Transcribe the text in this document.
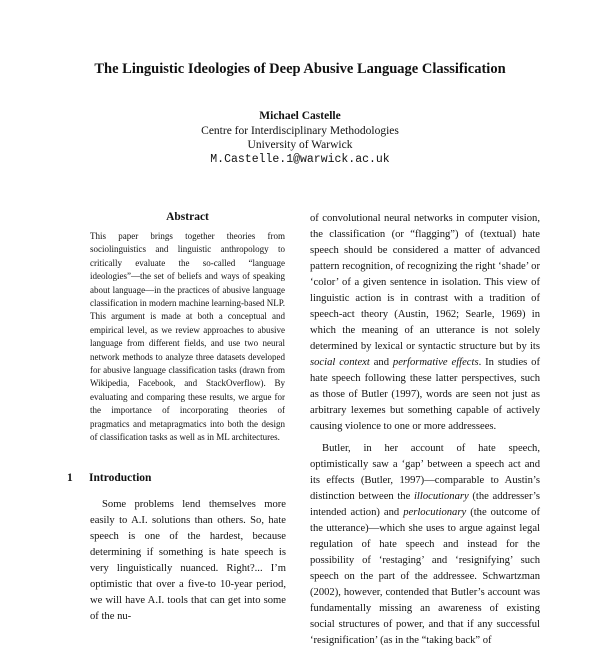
The Linguistic Ideologies of Deep Abusive Language Classification
Michael Castelle
Centre for Interdisciplinary Methodologies
University of Warwick
M.Castelle.1@warwick.ac.uk
Abstract
This paper brings together theories from sociolinguistics and linguistic anthropology to critically evaluate the so-called “language ideologies”—the set of beliefs and ways of speaking about language—in the practices of abusive language classification in modern machine learning-based NLP. This argument is made at both a conceptual and empirical level, as we review approaches to abusive language from different fields, and use two neural network methods to analyze three datasets developed for abusive language classification tasks (drawn from Wikipedia, Facebook, and StackOverflow). By evaluating and comparing these results, we argue for the importance of incorporating theories of pragmatics and metapragmatics into both the design of classification tasks as well as in ML architectures.
1 Introduction
Some problems lend themselves more easily to A.I. solutions than others. So, hate speech is one of the hardest, because determining if something is hate speech is very linguistically nuanced. Right?... I’m optimistic that over a five-to 10-year period, we will have A.I. tools that can get into some of the nu-

of convolutional neural networks in computer vision, the classification (or “flagging”) of (textual) hate speech should be considered a matter of advanced pattern recognition, of recognizing the right ‘shade’ or ‘color’ of a given sentence in isolation. This view of linguistic action is in contrast with a tradition of speech-act theory (Austin, 1962; Searle, 1969) in which the meaning of an utterance is not solely determined by lexical or syntactic structure but by its social context and performative effects. In studies of hate speech following these latter perspectives, such as those of Butler (1997), words are seen not just as arbitrary lexemes but something capable of actively causing violence to one or more addressees.

Butler, in her account of hate speech, optimistically saw a ‘gap’ between a speech act and its effects (Butler, 1997)—comparable to Austin’s distinction between the illocutionary (the addresser’s intended action) and perlocutionary (the outcome of the utterance)—which she uses to argue against legal regulation of hate speech and instead for the possibility of ‘restaging’ and ‘resignifying’ such speech on the part of the addressee. Schwartzman (2002), however, contended that Butler’s account was fundamentally missing an awareness of existing social structures of power, and that if any successful ‘resignification’ (as in the “taking back” of
